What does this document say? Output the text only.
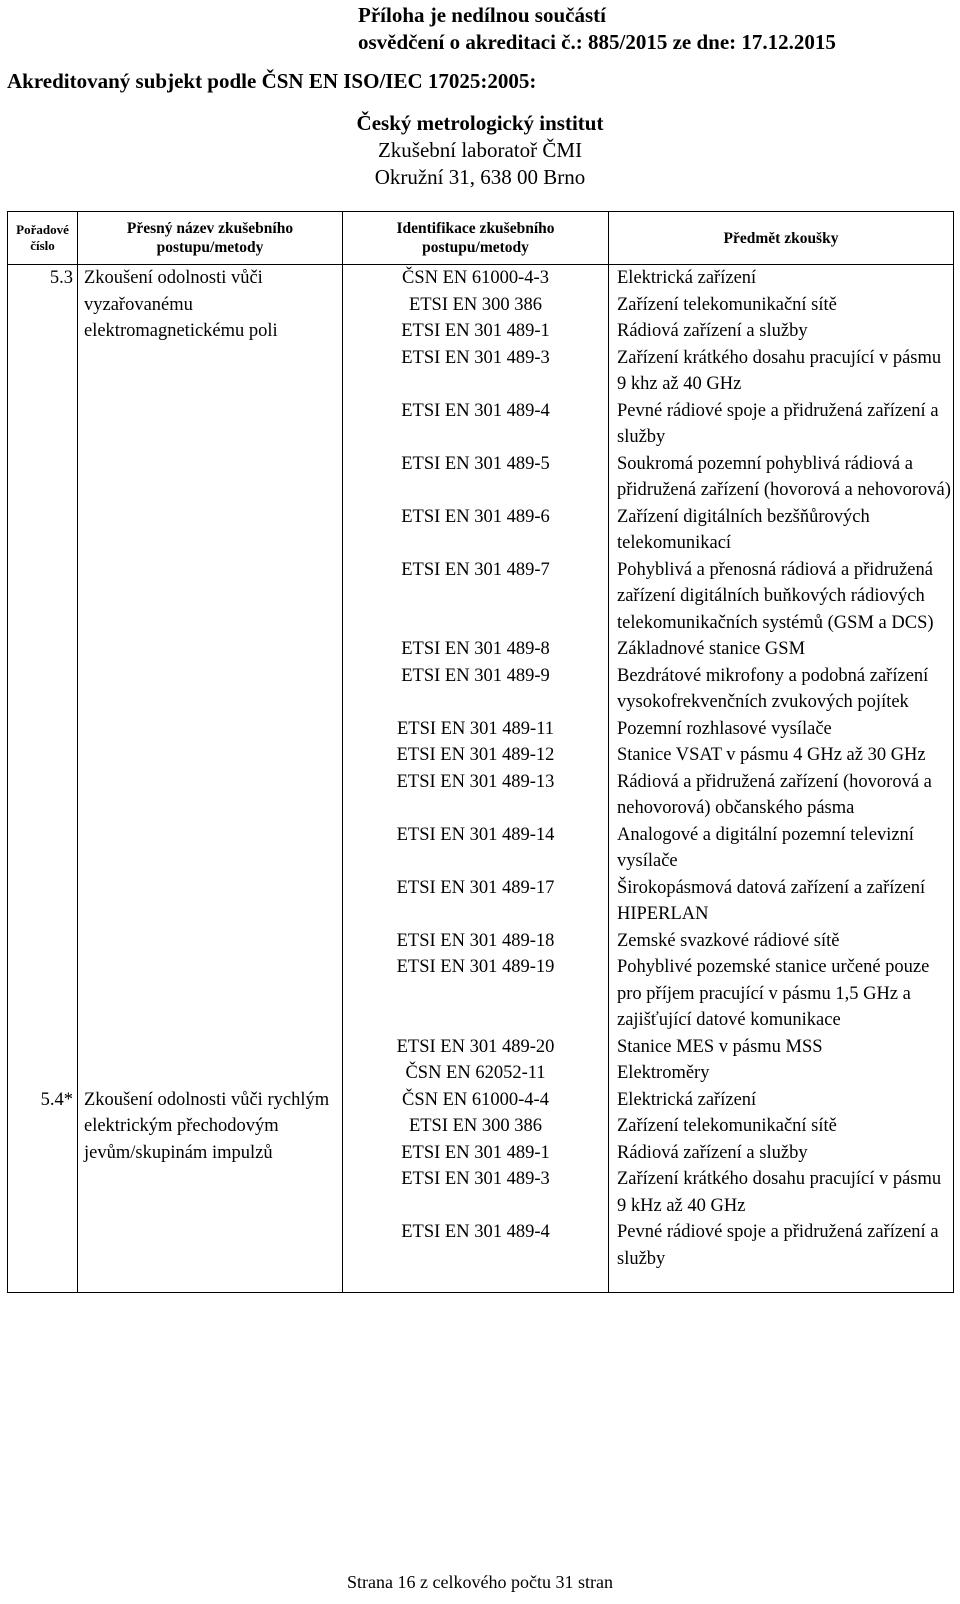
Příloha je nedílnou součástí
osvědčení o akreditaci č.: 885/2015 ze dne: 17.12.2015
Akreditovaný subjekt podle ČSN EN ISO/IEC 17025:2005:
Český metrologický institut
Zkušební laboratoř ČMI
Okružní 31, 638 00 Brno
Pořadové číslo	Přesný název zkušebního postupu/metody	Identifikace zkušebního postupu/metody	Předmět zkoušky
5.3	Zkoušení odolnosti vůči vyzařovanému elektromagnetickému poli	ČSN EN 61000-4-3	Elektrická zařízení
		ETSI EN 300 386	Zařízení telekomunikační sítě
		ETSI EN 301 489-1	Rádiová zařízení a služby
		ETSI EN 301 489-3	Zařízení krátkého dosahu pracující v pásmu 9 khz až 40 GHz
		ETSI EN 301 489-4	Pevné rádiové spoje a přidružená zařízení a služby
		ETSI EN 301 489-5	Soukromá pozemní pohyblivá rádiová a přidružená zařízení (hovorová a nehovorová)
		ETSI EN 301 489-6	Zařízení digitálních bezšňůrových telekomunikací
		ETSI EN 301 489-7	Pohyblivá a přenosná rádiová a přidružená zařízení digitálních buňkových rádiových telekomunikačních systémů (GSM a DCS)
		ETSI EN 301 489-8	Základnové stanice GSM
		ETSI EN 301 489-9	Bezdrátové mikrofony a podobná zařízení vysokofrekvenčních zvukových pojítek
		ETSI EN 301 489-11	Pozemní rozhlasové vysílače
		ETSI EN 301 489-12	Stanice VSAT v pásmu 4 GHz až 30 GHz
		ETSI EN 301 489-13	Rádiová a přidružená zařízení (hovorová a nehovorová) občanského pásma
		ETSI EN 301 489-14	Analogové a digitální pozemní televizní vysílače
		ETSI EN 301 489-17	Širokopásmová datová zařízení a zařízení HIPERLAN
		ETSI EN 301 489-18	Zemské svazkové rádiové sítě
		ETSI EN 301 489-19	Pohyblivé pozemské stanice určené pouze pro příjem pracující v pásmu 1,5 GHz a zajišťující datové komunikace
		ETSI EN 301 489-20	Stanice MES v pásmu MSS
		ČSN EN 62052-11	Elektroměry
5.4*	Zkoušení odolnosti vůči rychlým elektrickým přechodovým jevům/skupinám impulzů	ČSN EN 61000-4-4	Elektrická zařízení
		ETSI EN 300 386	Zařízení telekomunikační sítě
		ETSI EN 301 489-1	Rádiová zařízení a služby
		ETSI EN 301 489-3	Zařízení krátkého dosahu pracující v pásmu 9 kHz až 40 GHz
		ETSI EN 301 489-4	Pevné rádiové spoje a přidružená zařízení a služby

Strana 16 z celkového počtu 31 stran
